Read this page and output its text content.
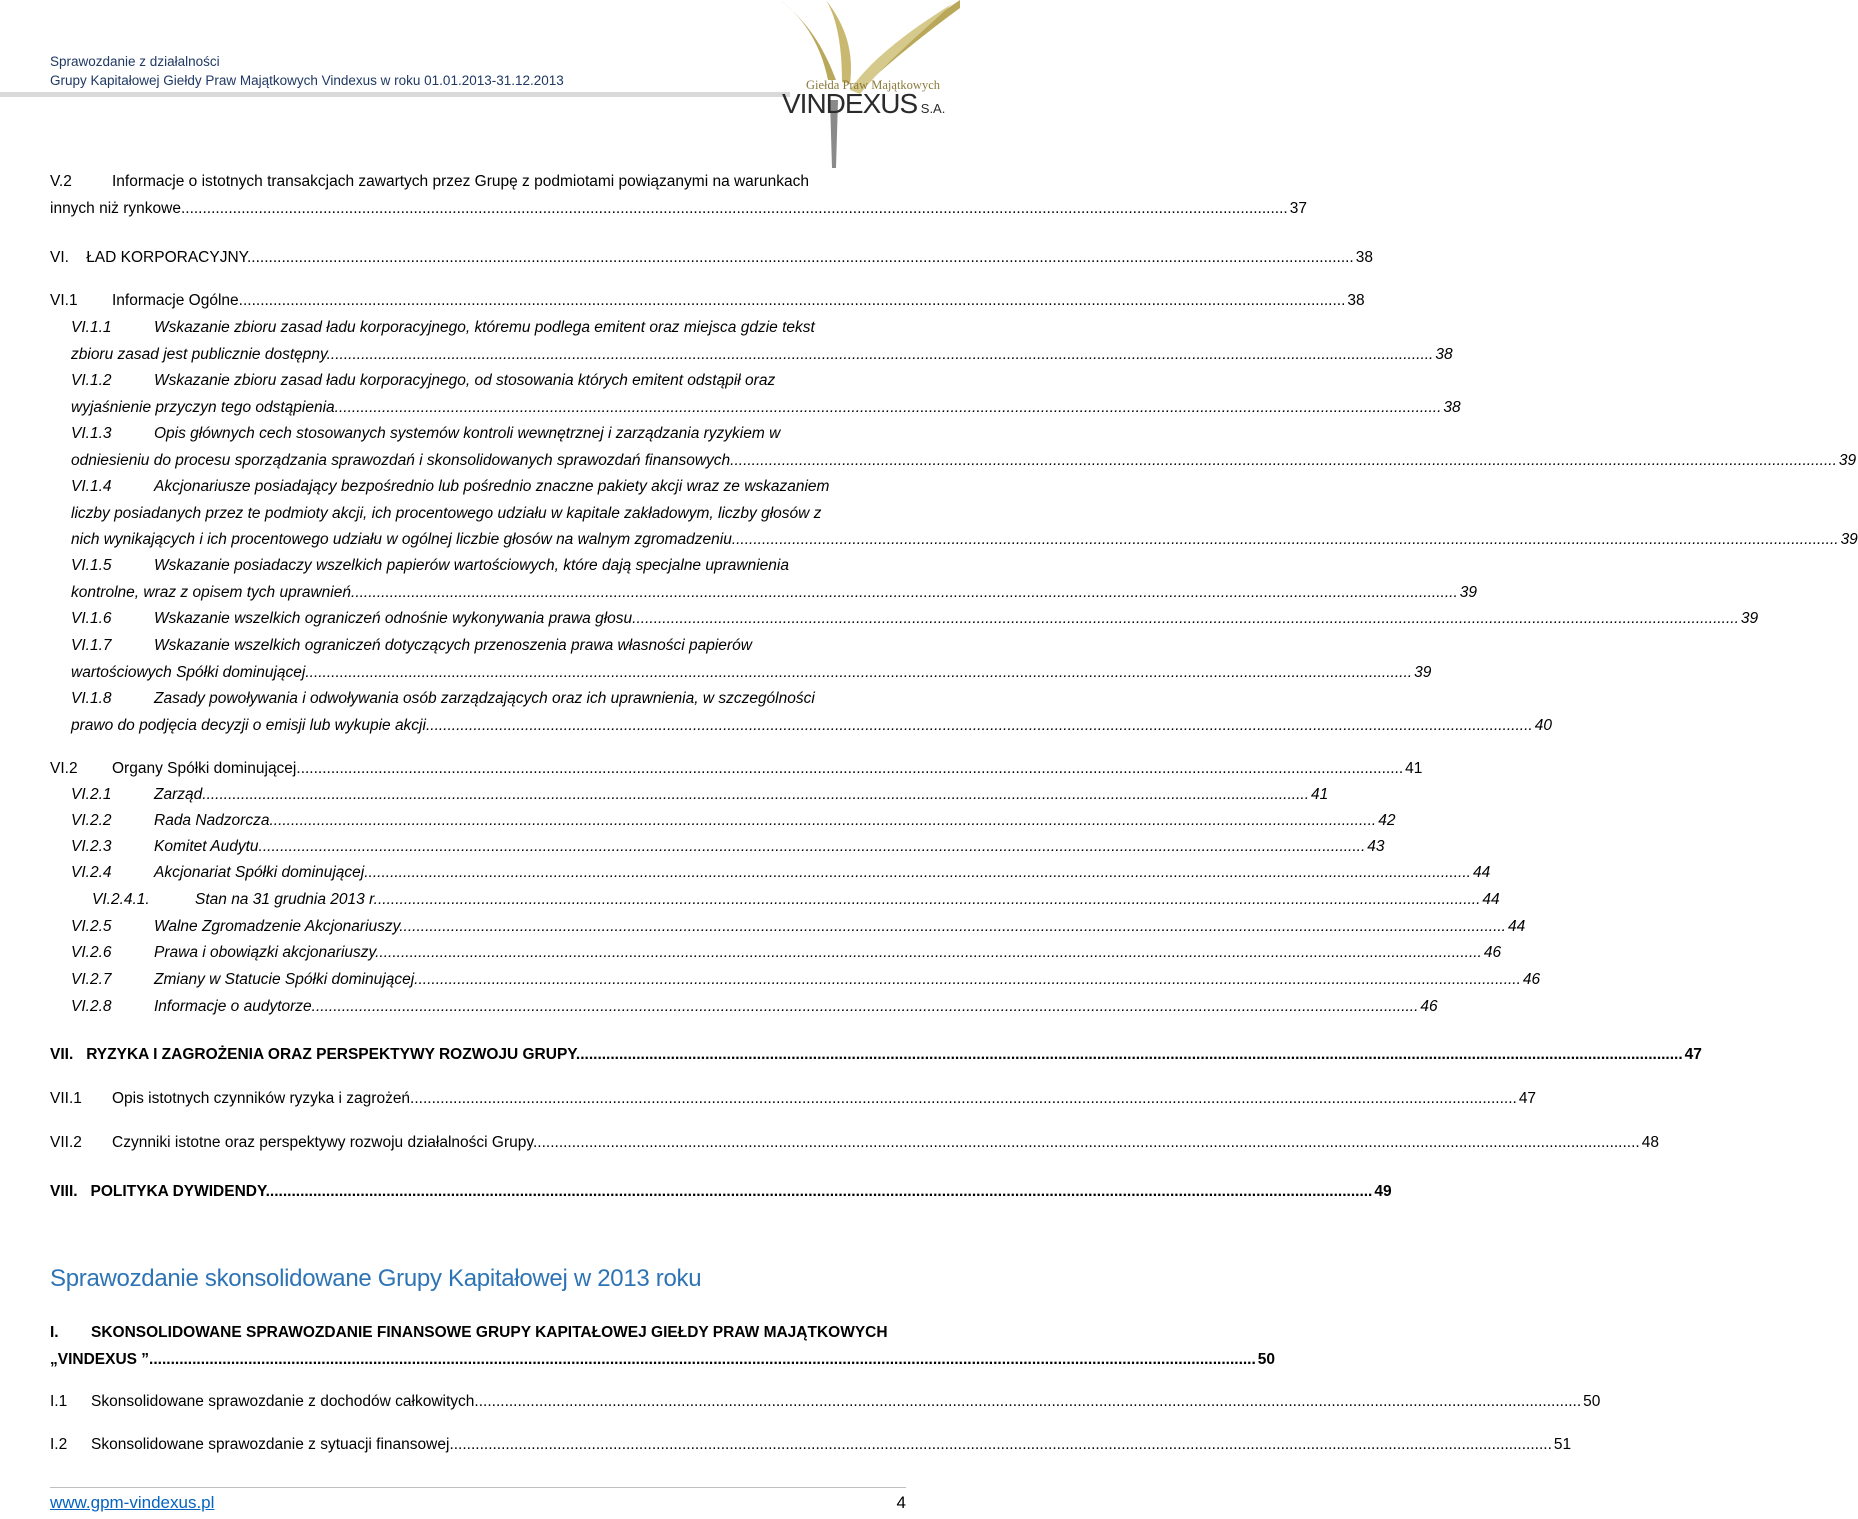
Sprawozdanie z działalności
Grupy Kapitałowej Giełdy Praw Majątkowych Vindexus w roku 01.01.2013-31.12.2013	Giełda Praw Majątkowych
VINDEXUS S.A.
V.2	Informacje o istotnych transakcjach zawartych przez Grupę z podmiotami powiązanymi na warunkach
innych niż rynkowe. .....	37
VI. ŁAD KORPORACYJNY. .....	38
VI.1 Informacje Ogólne. .....	38
VI.1.1	Wskazanie zbioru zasad ładu korporacyjnego, któremu podlega emitent oraz miejsca gdzie tekst
zbioru zasad jest publicznie dostępny. .....	38
VI.1.2	Wskazanie zbioru zasad ładu korporacyjnego, od stosowania których emitent odstąpił oraz
wyjaśnienie przyczyn tego odstąpienia. .....	38
VI.1.3	Opis głównych cech stosowanych systemów kontroli wewnętrznej i zarządzania ryzykiem w
odniesieniu do procesu sporządzania sprawozdań i skonsolidowanych sprawozdań finansowych. .....	39
VI.1.4	Akcjonariusze posiadający bezpośrednio lub pośrednio znaczne pakiety akcji wraz ze wskazaniem
liczby posiadanych przez te podmioty akcji, ich procentowego udziału w kapitale zakładowym, liczby głosów z
nich wynikających i ich procentowego udziału w ogólnej liczbie głosów na walnym zgromadzeniu. .....	39
VI.1.5	Wskazanie posiadaczy wszelkich papierów wartościowych, które dają specjalne uprawnienia
kontrolne, wraz z opisem tych uprawnień. .....	39
VI.1.6	Wskazanie wszelkich ograniczeń odnośnie wykonywania prawa głosu. .....	39
VI.1.7	Wskazanie wszelkich ograniczeń dotyczących przenoszenia prawa własności papierów
wartościowych Spółki dominującej. .....	39
VI.1.8	Zasady powoływania i odwoływania osób zarządzających oraz ich uprawnienia, w szczególności
prawo do podjęcia decyzji o emisji lub wykupie akcji. .....	40
VI.2 Organy Spółki dominującej. .....	41
VI.2.1	Zarząd. .....	41
VI.2.2	Rada Nadzorcza. .....	42
VI.2.3	Komitet Audytu. .....	43
VI.2.4	Akcjonariat Spółki dominującej. .....	44
VI.2.4.1.	Stan na 31 grudnia 2013 r. .....	44
VI.2.5	Walne Zgromadzenie Akcjonariuszy. .....	44
VI.2.6	Prawa i obowiązki akcjonariuszy. .....	46
VI.2.7	Zmiany w Statucie Spółki dominującej. .....	46
VI.2.8	Informacje o audytorze. .....	46
VII. RYZYKA I ZAGROŻENIA ORAZ PERSPEKTYWY ROZWOJU GRUPY. .....	47
VII.1 Opis istotnych czynników ryzyka i zagrożeń. .....	47
VII.2 Czynniki istotne oraz perspektywy rozwoju działalności Grupy. .....	48
VIII. POLITYKA DYWIDENDY. .....	49
I.	SKONSOLIDOWANE SPRAWOZDANIE FINANSOWE GRUPY KAPITAŁOWEJ GIEŁDY PRAW MAJĄTKOWYCH
„VINDEXUS ”. .....	50
I.1 Skonsolidowane sprawozdanie z dochodów całkowitych. .....	50
I.2 Skonsolidowane sprawozdanie z sytuacji finansowej .....	51
Sprawozdanie skonsolidowane Grupy Kapitałowej w 2013 roku
www.gpm-vindexus.pl	4
